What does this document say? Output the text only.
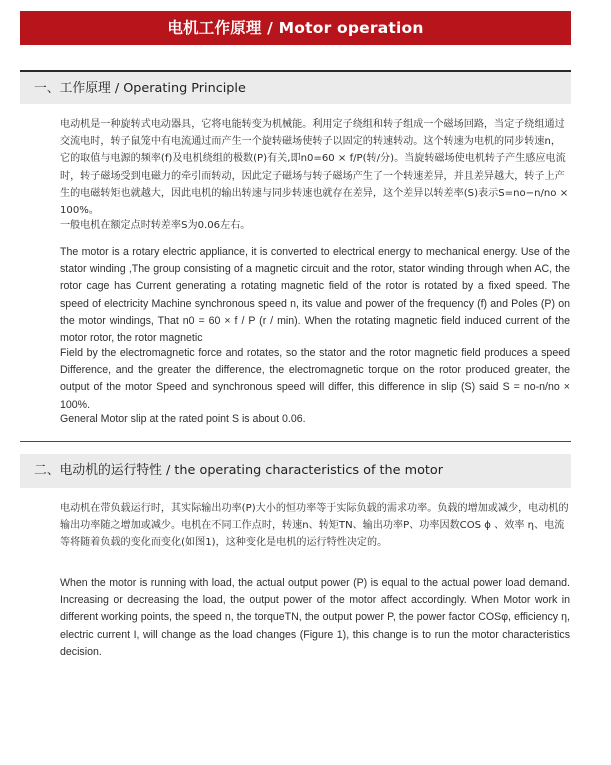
电机工作原理 / Motor operation
一、工作原理 / Operating Principle

电动机是一种旋转式电动器具，它将电能转变为机械能。利用定子绕组和转子组成一个磁场回路，当定子绕组通过交流电时，转子鼠笼中有电流通过而产生一个旋转磁场使转子以固定的转速转动。这个转速为电机的同步转速n，它的取值与电源的频率(f)及电机绕组的极数(P)有关,即n0=60 × f/P(转/分)。当旋转磁场使电机转子产生感应电流时，转子磁场受到电磁力的牵引而转动，因此定子磁场与转子磁场产生了一个转速差异，并且差异越大，转子上产生的电磁转矩也就越大，因此电机的输出转速与同步转速也就存在差异，这个差异以转差率(S)表示S=no−n/no × 100%。

一般电机在额定点时转差率S为0.06左右。

The motor is a rotary electric appliance, it is converted to electrical energy to mechanical energy. Use of the stator winding ,The group consisting of a magnetic circuit and the rotor, stator winding through when AC, the rotor cage has Current generating a rotating magnetic field of the rotor is rotated by a fixed speed. The speed of electricity Machine synchronous speed n, its value and power of the frequency (f) and Poles (P) on the motor windings, That n0 = 60 × f / P (r / min). When the rotating magnetic field induced current of the motor rotor, the rotor magnetic

Field by the electromagnetic force and rotates, so the stator and the rotor magnetic field produces a speed Difference, and the greater the difference, the electromagnetic torque on the rotor produced greater, the output of the motor Speed and synchronous speed will differ, this difference in slip (S) said S = no-n/no × 100%.

General Motor slip at the rated point S is about 0.06.

二、电动机的运行特性 / the operating characteristics of the motor

电动机在带负载运行时，其实际输出功率(P)大小的恒功率等于实际负载的需求功率。负载的增加或减少，电动机的输出功率随之增加或减少。电机在不同工作点时，转速n、转矩TN、输出功率P、功率因数COS ɸ 、效率 η、电流等将随着负载的变化而变化(如图1)，这种变化是电机的运行特性决定的。

When the motor is running with load, the actual output power (P) is equal to the actual power load demand. Increasing or decreasing the load, the output power of the motor affect accordingly. When Motor work in different working points, the speed n, the torqueTN, the output power P, the power factor COSφ, efficiency η, electric current I, will change as the load changes (Figure 1), this change is to run the motor characteristics decision.
